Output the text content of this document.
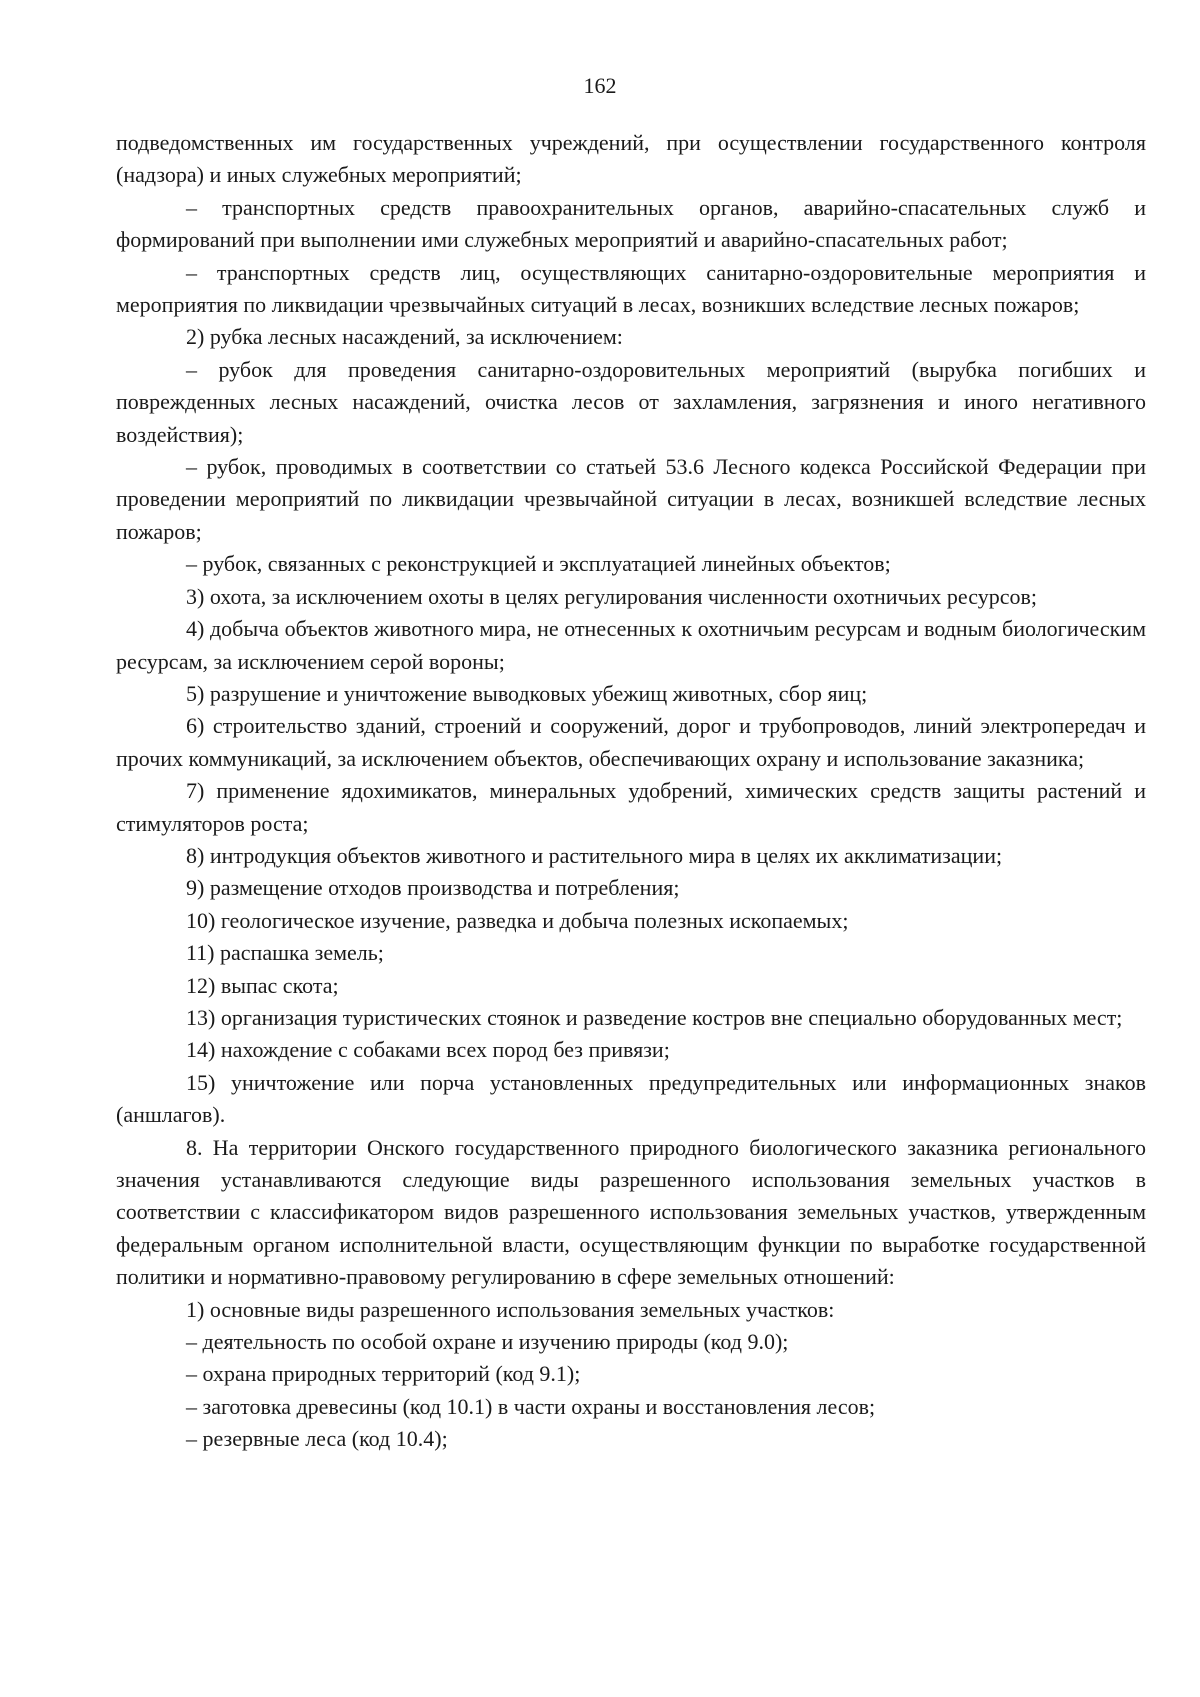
162

подведомственных им государственных учреждений, при осуществлении государственного контроля (надзора) и иных служебных мероприятий;

– транспортных средств правоохранительных органов, аварийно-спасательных служб и формирований при выполнении ими служебных мероприятий и аварийно-спасательных работ;

– транспортных средств лиц, осуществляющих санитарно-оздоровительные мероприятия и мероприятия по ликвидации чрезвычайных ситуаций в лесах, возникших вследствие лесных пожаров;

2) рубка лесных насаждений, за исключением:

– рубок для проведения санитарно-оздоровительных мероприятий (вырубка погибших и поврежденных лесных насаждений, очистка лесов от захламления, загрязнения и иного негативного воздействия);

– рубок, проводимых в соответствии со статьей 53.6 Лесного кодекса Российской Федерации при проведении мероприятий по ликвидации чрезвычайной ситуации в лесах, возникшей вследствие лесных пожаров;

– рубок, связанных с реконструкцией и эксплуатацией линейных объектов;

3) охота, за исключением охоты в целях регулирования численности охотничьих ресурсов;

4) добыча объектов животного мира, не отнесенных к охотничьим ресурсам и водным биологическим ресурсам, за исключением серой вороны;

5) разрушение и уничтожение выводковых убежищ животных, сбор яиц;

6) строительство зданий, строений и сооружений, дорог и трубопроводов, линий электропередач и прочих коммуникаций, за исключением объектов, обеспечивающих охрану и использование заказника;

7) применение ядохимикатов, минеральных удобрений, химических средств защиты растений и стимуляторов роста;

8) интродукция объектов животного и растительного мира в целях их акклиматизации;

9) размещение отходов производства и потребления;

10) геологическое изучение, разведка и добыча полезных ископаемых;

11) распашка земель;

12) выпас скота;

13) организация туристических стоянок и разведение костров вне специально оборудованных мест;

14) нахождение с собаками всех пород без привязи;

15) уничтожение или порча установленных предупредительных или информационных знаков (аншлагов).

8. На территории Онского государственного природного биологического заказника регионального значения устанавливаются следующие виды разрешенного использования земельных участков в соответствии с классификатором видов разрешенного использования земельных участков, утвержденным федеральным органом исполнительной власти, осуществляющим функции по выработке государственной политики и нормативно-правовому регулированию в сфере земельных отношений:

1) основные виды разрешенного использования земельных участков:

– деятельность по особой охране и изучению природы (код 9.0);

– охрана природных территорий (код 9.1);

– заготовка древесины (код 10.1) в части охраны и восстановления лесов;

– резервные леса (код 10.4);
